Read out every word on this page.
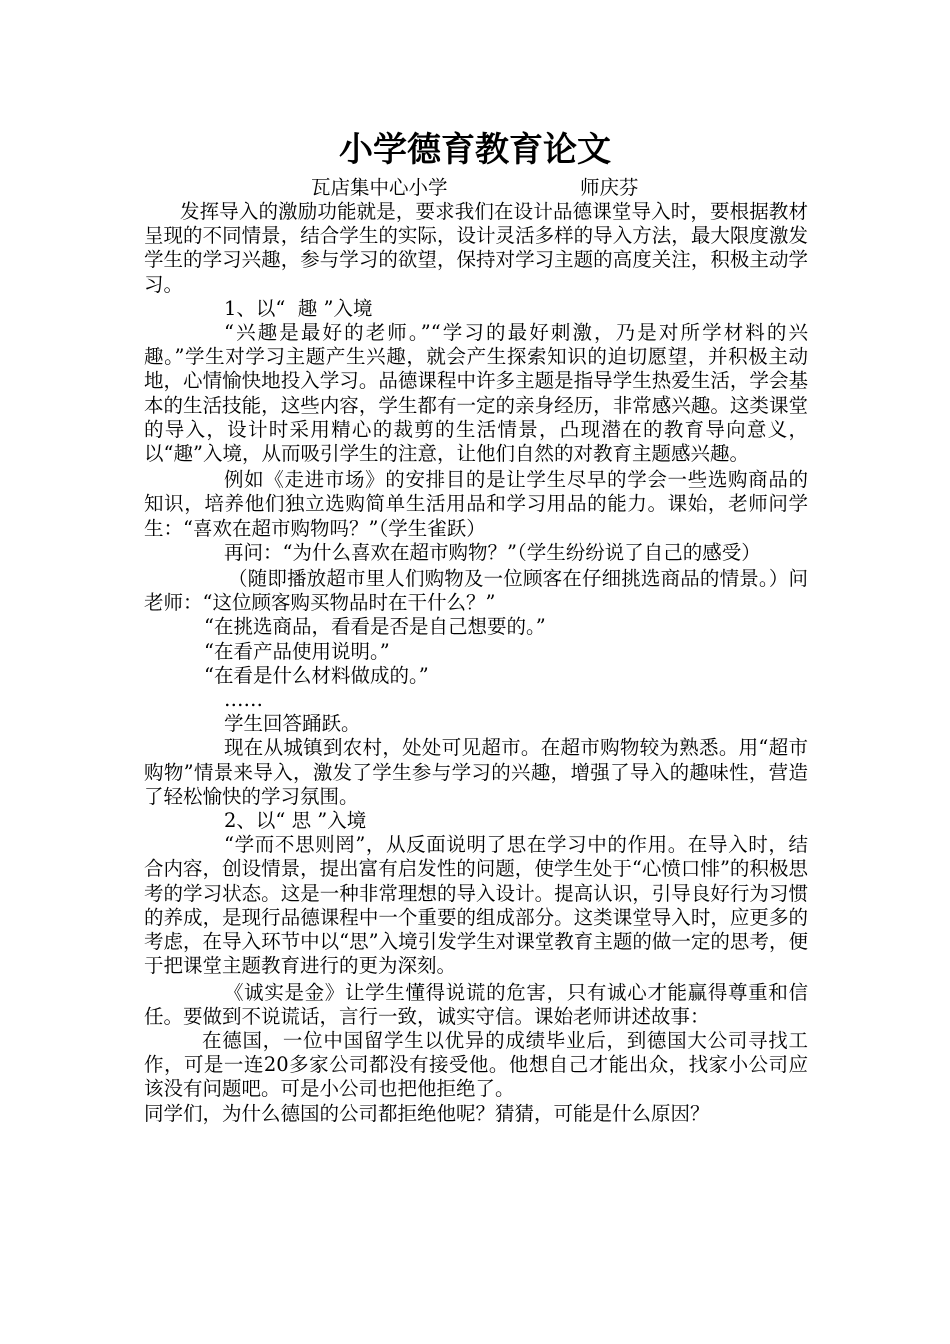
小学德育教育论文
瓦店集中心小学	师庆芬

发挥导入的激励功能就是，要求我们在设计品德课堂导入时，要根据教材呈现的不同情景，结合学生的实际，设计灵活多样的导入方法，最大限度激发学生的学习兴趣，参与学习的欲望，保持对学习主题的高度关注，积极主动学习。

1、以“  趣 ”入境

“兴趣是最好的老师。”“学习的最好刺激，乃是对所学材料的兴趣。”学生对学习主题产生兴趣，就会产生探索知识的迫切愿望，并积极主动地，心情愉快地投入学习。品德课程中许多主题是指导学生热爱生活，学会基本的生活技能，这些内容，学生都有一定的亲身经历，非常感兴趣。这类课堂的导入，设计时采用精心的裁剪的生活情景，凸现潜在的教育导向意义，以“趣”入境，从而吸引学生的注意，让他们自然的对教育主题感兴趣。

例如《走进市场》的安排目的是让学生尽早的学会一些选购商品的知识，培养他们独立选购简单生活用品和学习用品的能力。课始，老师问学生：“喜欢在超市购物吗？”（学生雀跃）

再问：“为什么喜欢在超市购物？”（学生纷纷说了自己的感受）

（随即播放超市里人们购物及一位顾客在仔细挑选商品的情景。）问老师：“这位顾客购买物品时在干什么？”

“在挑选商品，看看是否是自己想要的。”

“在看产品使用说明。”

“在看是什么材料做成的。”

……

学生回答踊跃。

现在从城镇到农村，处处可见超市。在超市购物较为熟悉。用“超市购物”情景来导入，激发了学生参与学习的兴趣，增强了导入的趣味性，营造了轻松愉快的学习氛围。

2、以“ 思 ”入境

“学而不思则罔”，从反面说明了思在学习中的作用。在导入时，结合内容，创设情景，提出富有启发性的问题，使学生处于“心愤口悱”的积极思考的学习状态。这是一种非常理想的导入设计。提高认识，引导良好行为习惯的养成，是现行品德课程中一个重要的组成部分。这类课堂导入时，应更多的考虑，在导入环节中以“思”入境引发学生对课堂教育主题的做一定的思考，便于把课堂主题教育进行的更为深刻。

《诚实是金》让学生懂得说谎的危害，只有诚心才能赢得尊重和信任。要做到不说谎话，言行一致，诚实守信。课始老师讲述故事：

在德国，一位中国留学生以优异的成绩毕业后，到德国大公司寻找工作，可是一连20多家公司都没有接受他。他想自己才能出众，找家小公司应该没有问题吧。可是小公司也把他拒绝了。

同学们，为什么德国的公司都拒绝他呢？猜猜，可能是什么原因？
